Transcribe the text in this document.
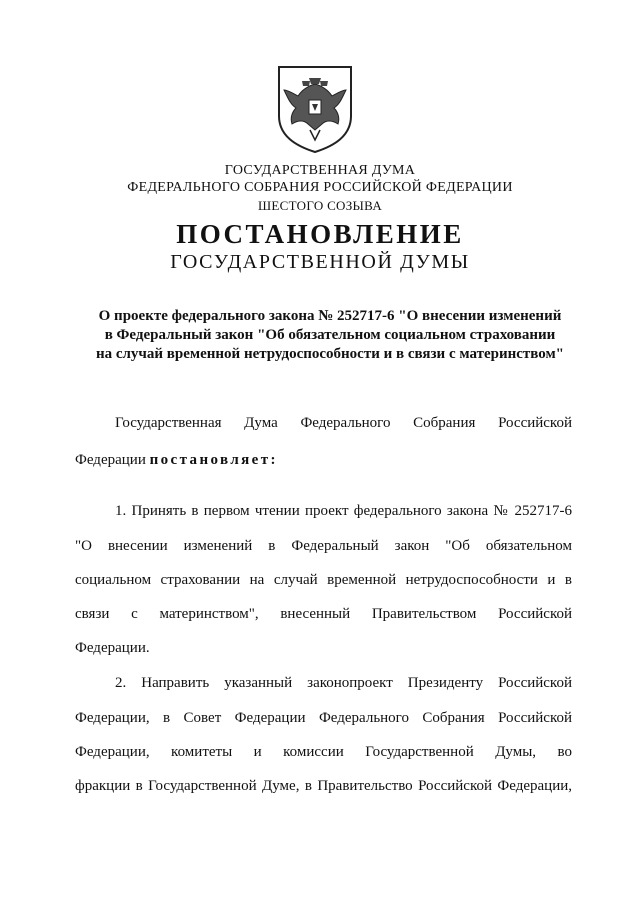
ГОСУДАРСТВЕННАЯ ДУМА
ФЕДЕРАЛЬНОГО СОБРАНИЯ РОССИЙСКОЙ ФЕДЕРАЦИИ
ШЕСТОГО СОЗЫВА
ПОСТАНОВЛЕНИЕ
ГОСУДАРСТВЕННОЙ ДУМЫ
О проекте федерального закона № 252717-6 "О внесении изменений
в Федеральный закон "Об обязательном социальном страховании
на случай временной нетрудоспособности и в связи с материнством"
Государственная Дума Федерального Собрания Российской
Федерации постановляет:
1. Принять в первом чтении проект федерального закона № 252717-6
"О внесении изменений в Федеральный закон "Об обязательном
социальном страховании на случай временной нетрудоспособности и в
связи с материнством", внесенный Правительством Российской
Федерации.
2. Направить указанный законопроект Президенту Российской
Федерации, в Совет Федерации Федерального Собрания Российской
Федерации, комитеты и комиссии Государственной Думы, во
фракции в Государственной Думе, в Правительство Российской Федерации,
